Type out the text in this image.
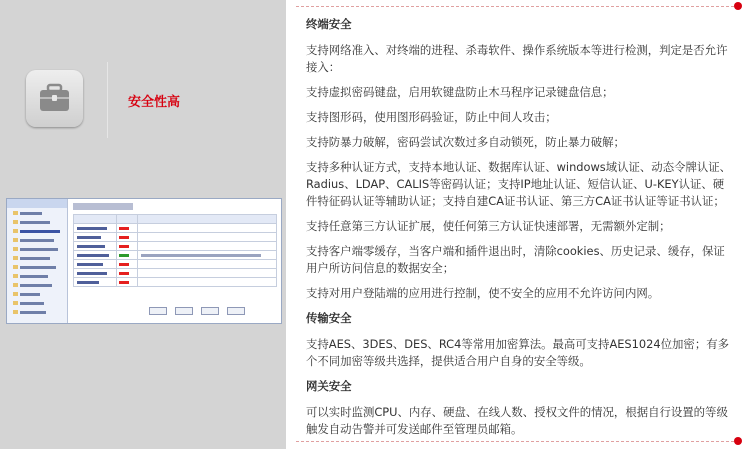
安全性高

终端安全

支持网络准入、对终端的进程、杀毒软件、操作系统版本等进行检测，判定是否允许接入：

支持虚拟密码键盘，启用软键盘防止木马程序记录键盘信息；

支持图形码，使用图形码验证，防止中间人攻击；

支持防暴力破解，密码尝试次数过多自动锁死，防止暴力破解；

支持多种认证方式，支持本地认证、数据库认证、windows域认证、动态令牌认证、Radius、LDAP、CALIS等密码认证；支持IP地址认证、短信认证、U-KEY认证、硬件特征码认证等辅助认证；支持自建CA证书认证、第三方CA证书认证等证书认证；

支持任意第三方认证扩展，使任何第三方认证快速部署，无需额外定制；

支持客户端零缓存，当客户端和插件退出时，清除cookies、历史记录、缓存，保证用户所访问信息的数据安全；

支持对用户登陆端的应用进行控制，使不安全的应用不允许访问内网。

传输安全

支持AES、3DES、DES、RC4等常用加密算法。最高可支持AES1024位加密；有多个不同加密等级共选择，提供适合用户自身的安全等级。

网关安全

可以实时监测CPU、内存、硬盘、在线人数、授权文件的情况，根据自行设置的等级触发自动告警并可发送邮件至管理员邮箱。
